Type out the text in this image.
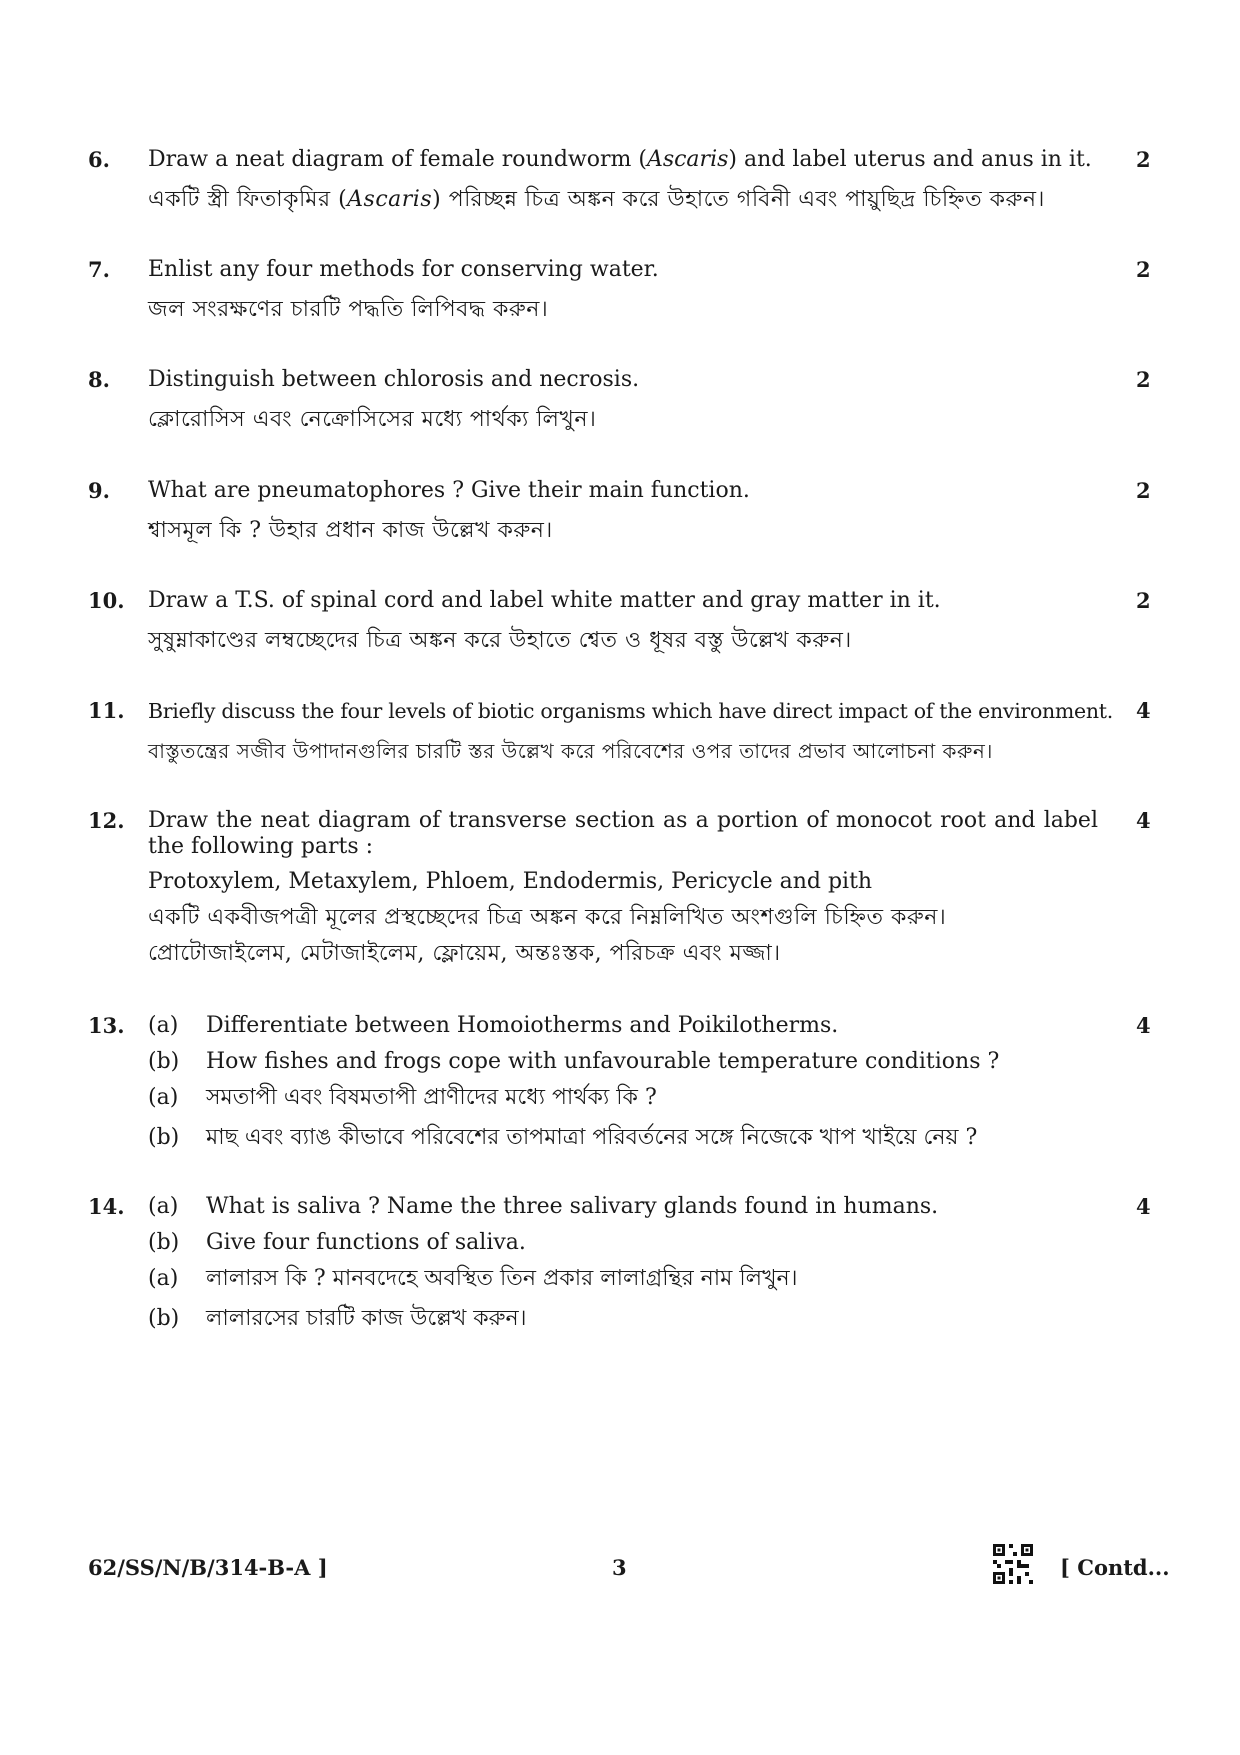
6. Draw a neat diagram of female roundworm (Ascaris) and label uterus and anus in it.

একটি স্ত্রী ফিতাকৃমির (Ascaris) পরিচ্ছন্ন চিত্র অঙ্কন করে উহাতে গবিনী এবং পায়ুছিদ্র চিহ্নিত করুন।

2
7. Enlist any four methods for conserving water.

জল সংরক্ষণের চারটি পদ্ধতি লিপিবদ্ধ করুন।

2
8. Distinguish between chlorosis and necrosis.

ক্লোরোসিস এবং নেক্রোসিসের মধ্যে পার্থক্য লিখুন।

2
9. What are pneumatophores ? Give their main function.

শ্বাসমূল কি ? উহার প্রধান কাজ উল্লেখ করুন।

2
10. Draw a T.S. of spinal cord and label white matter and gray matter in it.

সুষুম্নাকাণ্ডের লম্বচ্ছেদের চিত্র অঙ্কন করে উহাতে শ্বেত ও ধূষর বস্তু উল্লেখ করুন।

2
11. Briefly discuss the four levels of biotic organisms which have direct impact of the environment.

বাস্তুতন্ত্রের সজীব উপাদানগুলির চারটি স্তর উল্লেখ করে পরিবেশের ওপর তাদের প্রভাব আলোচনা করুন।

4
12. Draw the neat diagram of transverse section as a portion of monocot root and label the following parts :

Protoxylem, Metaxylem, Phloem, Endodermis, Pericycle and pith

একটি একবীজপত্রী মূলের প্রস্থচ্ছেদের চিত্র অঙ্কন করে নিম্নলিখিত অংশগুলি চিহ্নিত করুন।

প্রোটোজাইলেম, মেটাজাইলেম, ফ্লোয়েম, অন্তঃস্তক, পরিচক্র এবং মজ্জা।

4
13. (a) Differentiate between Homoiotherms and Poikilotherms.
(b) How fishes and frogs cope with unfavourable temperature conditions ?
(a) সমতাপী এবং বিষমতাপী প্রাণীদের মধ্যে পার্থক্য কি ?
(b) মাছ এবং ব্যাঙ কীভাবে পরিবেশের তাপমাত্রা পরিবর্তনের সঙ্গে নিজেকে খাপ খাইয়ে নেয় ?
4
14. (a) What is saliva ? Name the three salivary glands found in humans.
(b) Give four functions of saliva.
(a) লালারস কি ? মানবদেহে অবস্থিত তিন প্রকার লালাগ্রন্থির নাম লিখুন।
(b) লালারসের চারটি কাজ উল্লেখ করুন।
4
62/SS/N/B/314-B-A ]	3	[ Contd...
